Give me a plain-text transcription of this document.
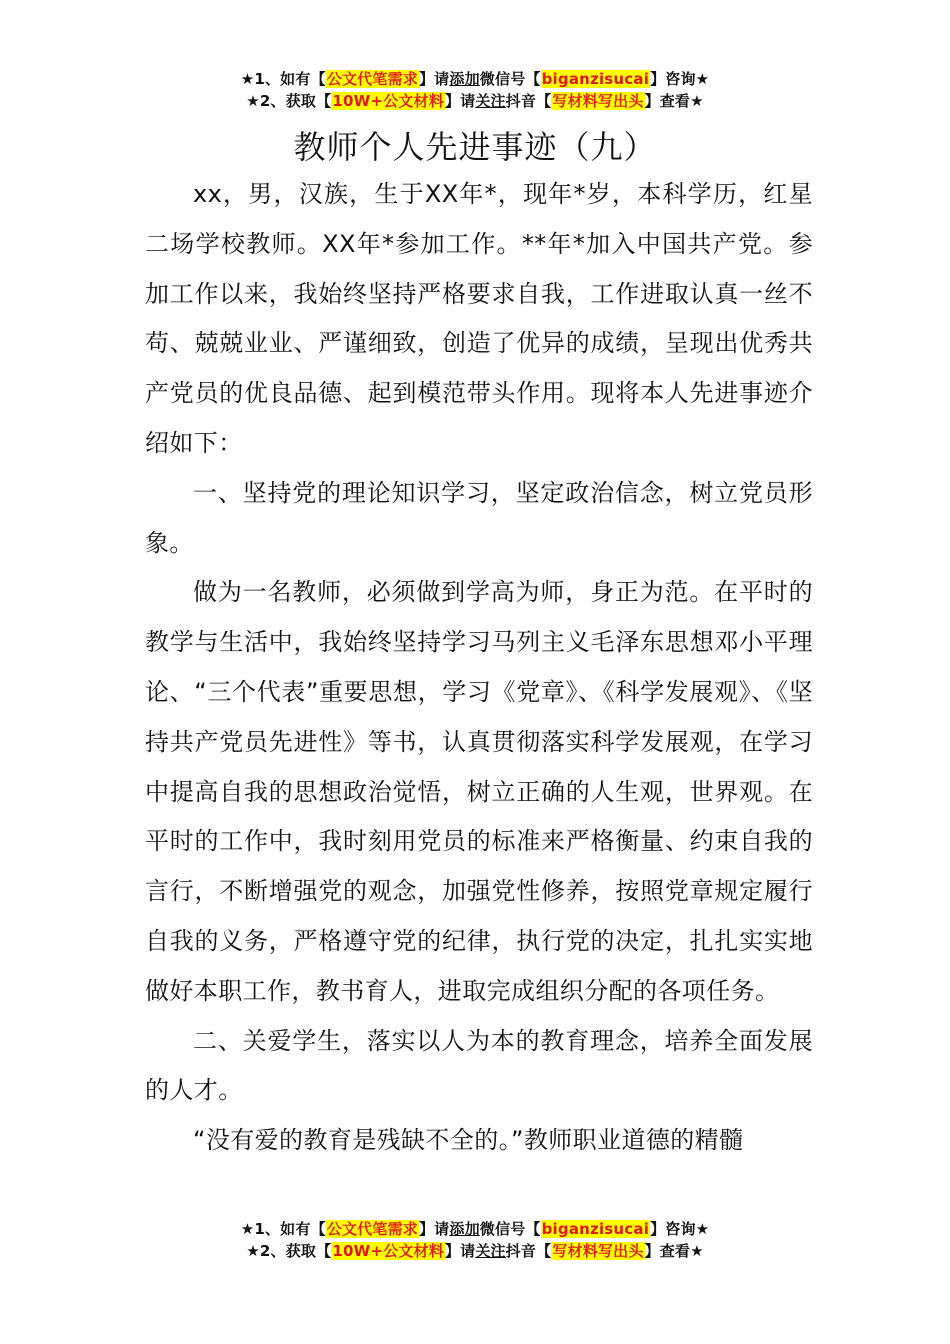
★1、如有【公文代笔需求】请添加微信号【biganzisucai】咨询★
★2、获取【10W+公文材料】请关注抖音【写材料写出头】查看★
教师个人先进事迹（九）

xx，男，汉族，生于XX年*，现年*岁，本科学历，红星二场学校教师。XX年*参加工作。**年*加入中国共产党。参加工作以来，我始终坚持严格要求自我，工作进取认真一丝不苟、兢兢业业、严谨细致，创造了优异的成绩，呈现出优秀共产党员的优良品德、起到模范带头作用。现将本人先进事迹介绍如下：

一、坚持党的理论知识学习，坚定政治信念，树立党员形象。

做为一名教师，必须做到学高为师，身正为范。在平时的教学与生活中，我始终坚持学习马列主义毛泽东思想邓小平理论、“三个代表”重要思想，学习《党章》、《科学发展观》、《坚持共产党员先进性》等书，认真贯彻落实科学发展观，在学习中提高自我的思想政治觉悟，树立正确的人生观，世界观。在平时的工作中，我时刻用党员的标准来严格衡量、约束自我的言行，不断增强党的观念，加强党性修养，按照党章规定履行自我的义务，严格遵守党的纪律，执行党的决定，扎扎实实地做好本职工作，教书育人，进取完成组织分配的各项任务。

二、关爱学生，落实以人为本的教育理念，培养全面发展的人才。

“没有爱的教育是残缺不全的。”教师职业道德的精髓

★1、如有【公文代笔需求】请添加微信号【biganzisucai】咨询★
★2、获取【10W+公文材料】请关注抖音【写材料写出头】查看★
